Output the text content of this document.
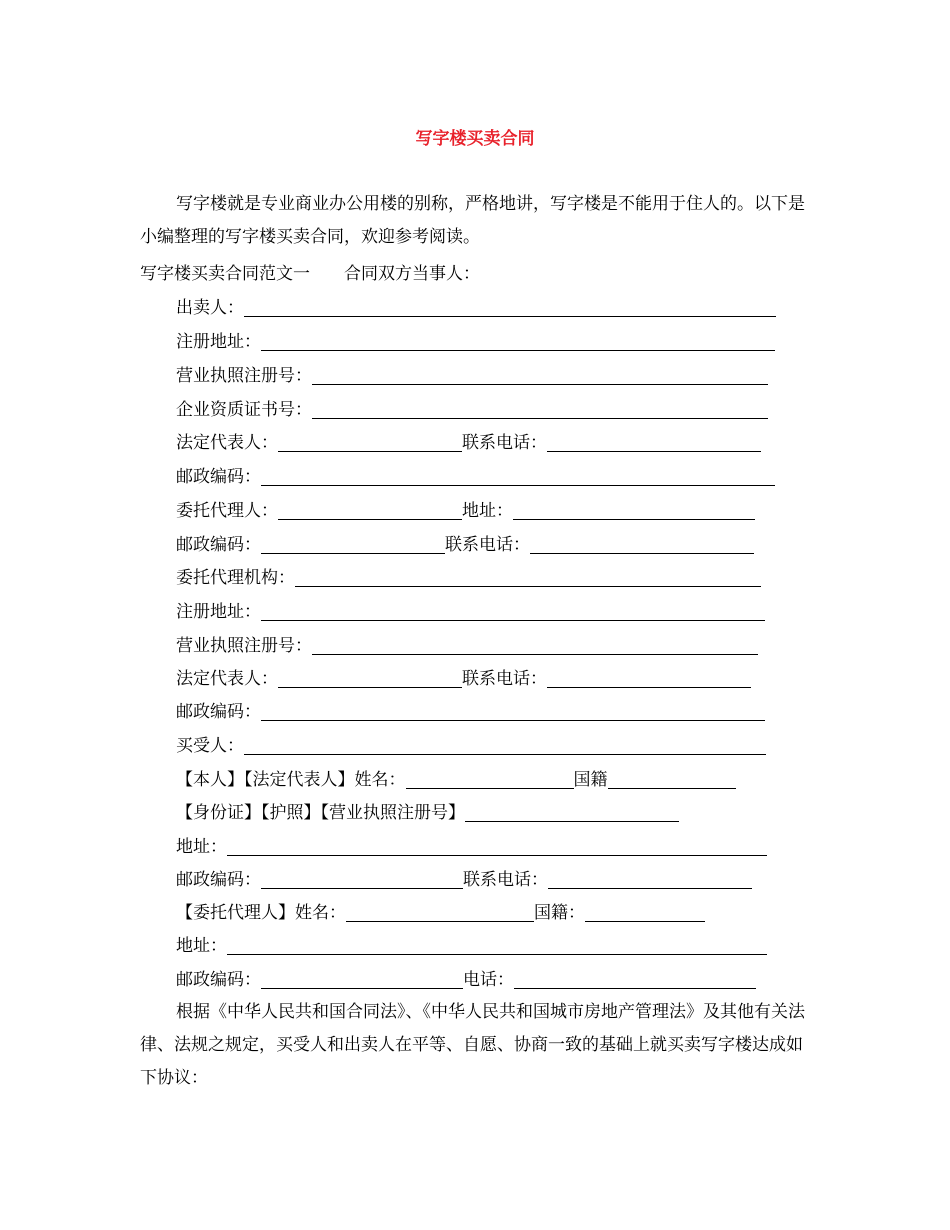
写字楼买卖合同

写字楼就是专业商业办公用楼的别称，严格地讲，写字楼是不能用于住人的。以下是小编整理的写字楼买卖合同，欢迎参考阅读。

写字楼买卖合同范文一　　合同双方当事人：
出卖人：
注册地址：
营业执照注册号：
企业资质证书号：
法定代表人：	联系电话：
邮政编码：
委托代理人：	地址：
邮政编码：	联系电话：
委托代理机构：
注册地址：
营业执照注册号：
法定代表人：	联系电话：
邮政编码：
买受人：
【本人】【法定代表人】姓名：	国籍
【身份证】【护照】【营业执照注册号】
地址：
邮政编码：	联系电话：
【委托代理人】姓名：	国籍：
地址：
邮政编码：	电话：

根据《中华人民共和国合同法》、《中华人民共和国城市房地产管理法》及其他有关法律、法规之规定，买受人和出卖人在平等、自愿、协商一致的基础上就买卖写字楼达成如下协议：
